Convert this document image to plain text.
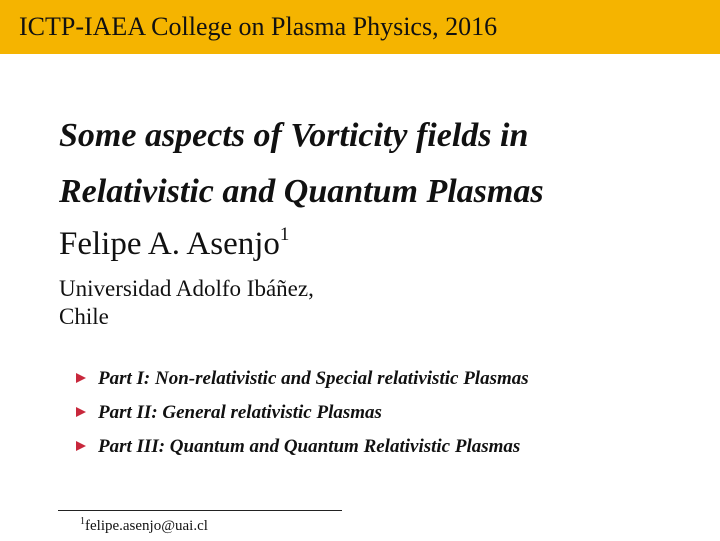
ICTP-IAEA College on Plasma Physics, 2016
Some aspects of Vorticity fields in
Relativistic and Quantum Plasmas
Felipe A. Asenjo$^1$
Universidad Adolfo Ibáñez,
Chile
Part I: Non-relativistic and Special relativistic Plasmas
Part II: General relativistic Plasmas
Part III: Quantum and Quantum Relativistic Plasmas
$^1$felipe.asenjo@uai.cl
